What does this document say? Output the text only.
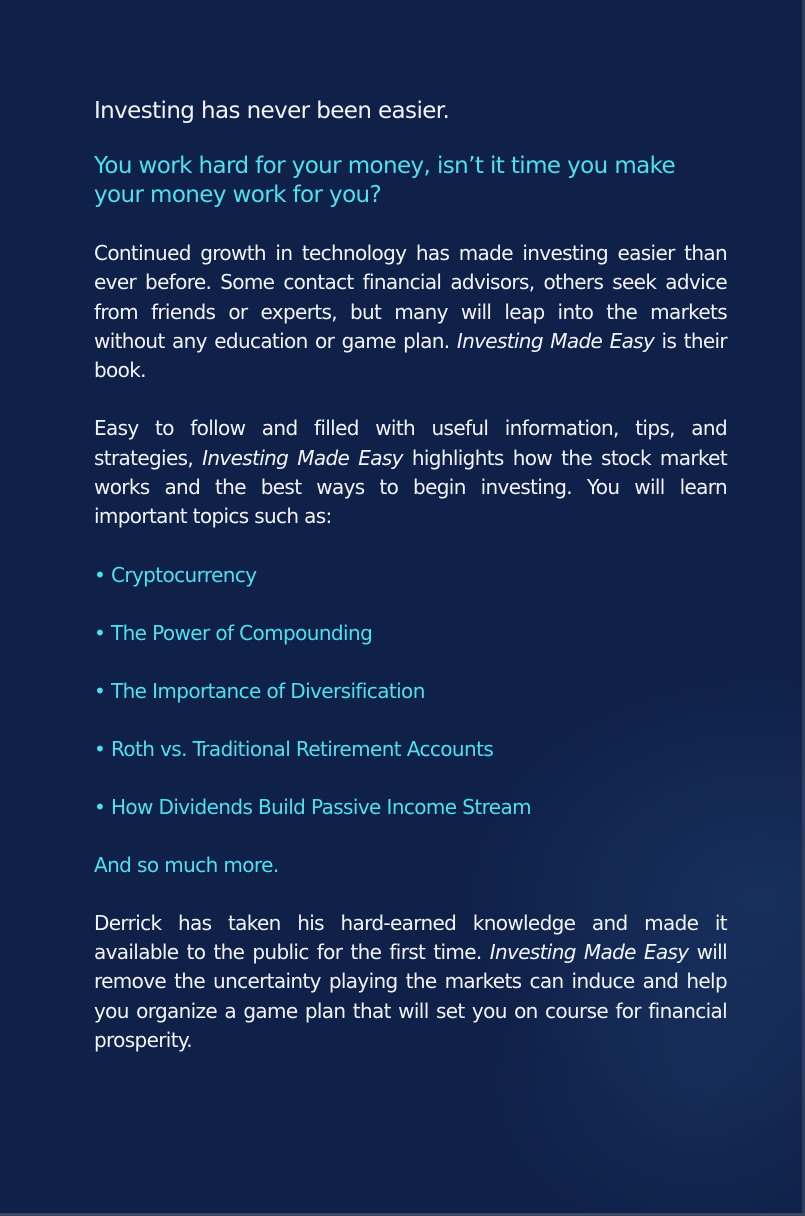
Investing has never been easier.

You work hard for your money, isn’t it time you make your money work for you?

Continued growth in technology has made investing easier than ever before. Some contact financial advisors, others seek advice from friends or experts, but many will leap into the markets without any education or game plan. Investing Made Easy is their book.

Easy to follow and filled with useful information, tips, and strategies, Investing Made Easy highlights how the stock market works and the best ways to begin investing. You will learn important topics such as:

• Cryptocurrency
• The Power of Compounding
• The Importance of Diversification
• Roth vs. Traditional Retirement Accounts
• How Dividends Build Passive Income Stream

And so much more.

Derrick has taken his hard-earned knowledge and made it available to the public for the first time. Investing Made Easy will remove the uncertainty playing the markets can induce and help you organize a game plan that will set you on course for financial prosperity.
